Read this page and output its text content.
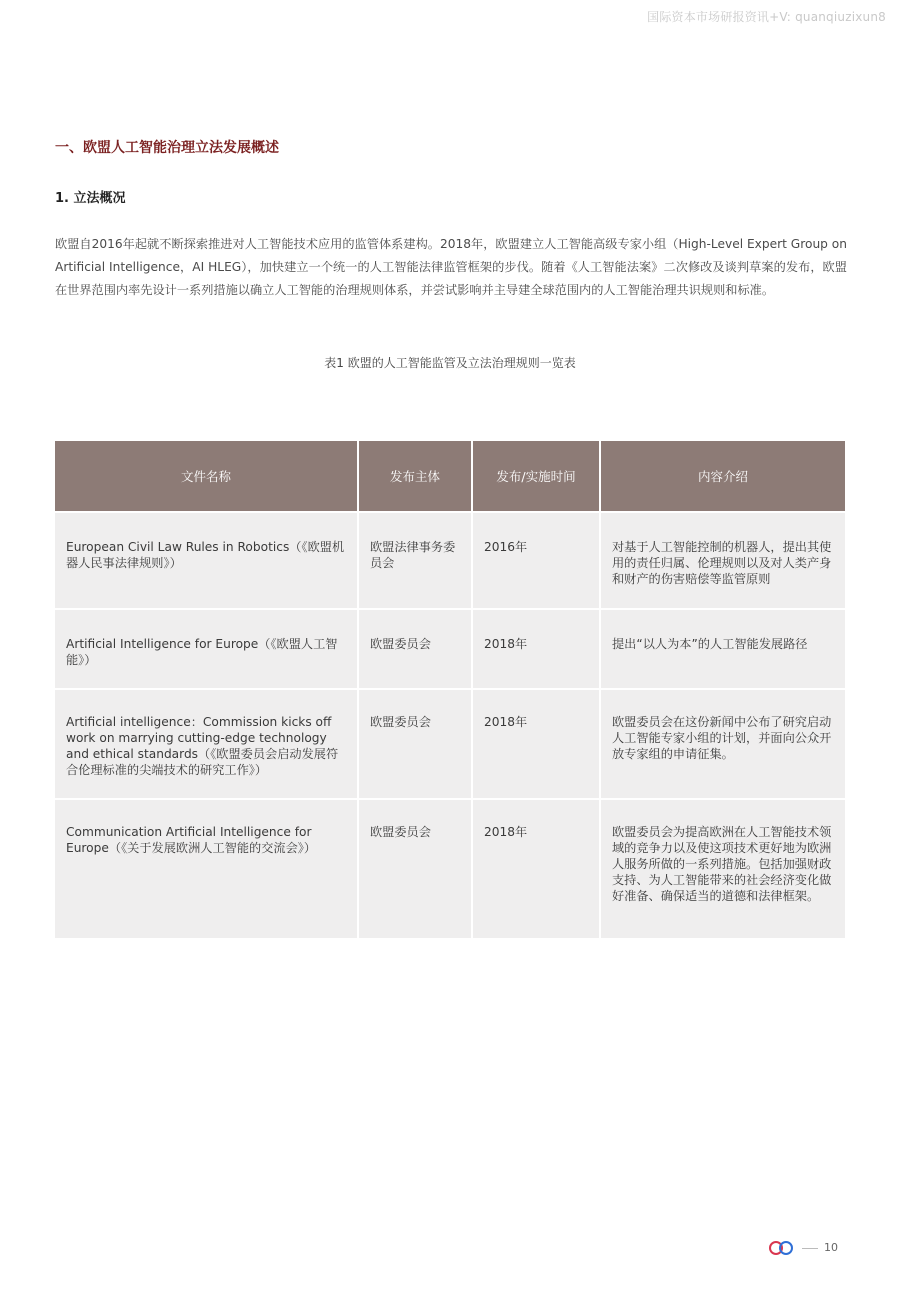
国际资本市场研报资讯+V: quanqiuzixun8
一、欧盟人工智能治理立法发展概述
1. 立法概况
欧盟自2016年起就不断探索推进对人工智能技术应用的监管体系建构。2018年，欧盟建立人工智能高级专家小组（High-Level Expert Group on Artificial Intelligence，AI HLEG），加快建立一个统一的人工智能法律监管框架的步伐。随着《人工智能法案》二次修改及谈判草案的发布，欧盟在世界范围内率先设计一系列措施以确立人工智能的治理规则体系，并尝试影响并主导建全球范围内的人工智能治理共识规则和标准。
表1 欧盟的人工智能监管及立法治理规则一览表
文件名称	发布主体	发布/实施时间	内容介绍
European Civil Law Rules in Robotics（《欧盟机器人民事法律规则》）	欧盟法律事务委员会	2016年	对基于人工智能控制的机器人，提出其使用的责任归属、伦理规则以及对人类产身和财产的伤害赔偿等监管原则
Artificial Intelligence for Europe（《欧盟人工智能》）	欧盟委员会	2018年	提出“以人为本”的人工智能发展路径
Artificial intelligence：Commission kicks off work on marrying cutting-edge technology and ethical standards（《欧盟委员会启动发展符合伦理标准的尖端技术的研究工作》）	欧盟委员会	2018年	欧盟委员会在这份新闻中公布了研究启动人工智能专家小组的计划，并面向公众开放专家组的申请征集。
Communication Artificial Intelligence for Europe（《关于发展欧洲人工智能的交流会》）	欧盟委员会	2018年	欧盟委员会为提高欧洲在人工智能技术领域的竞争力以及使这项技术更好地为欧洲人服务所做的一系列措施。包括加强财政支持、为人工智能带来的社会经济变化做好准备、确保适当的道德和法律框架。
10
